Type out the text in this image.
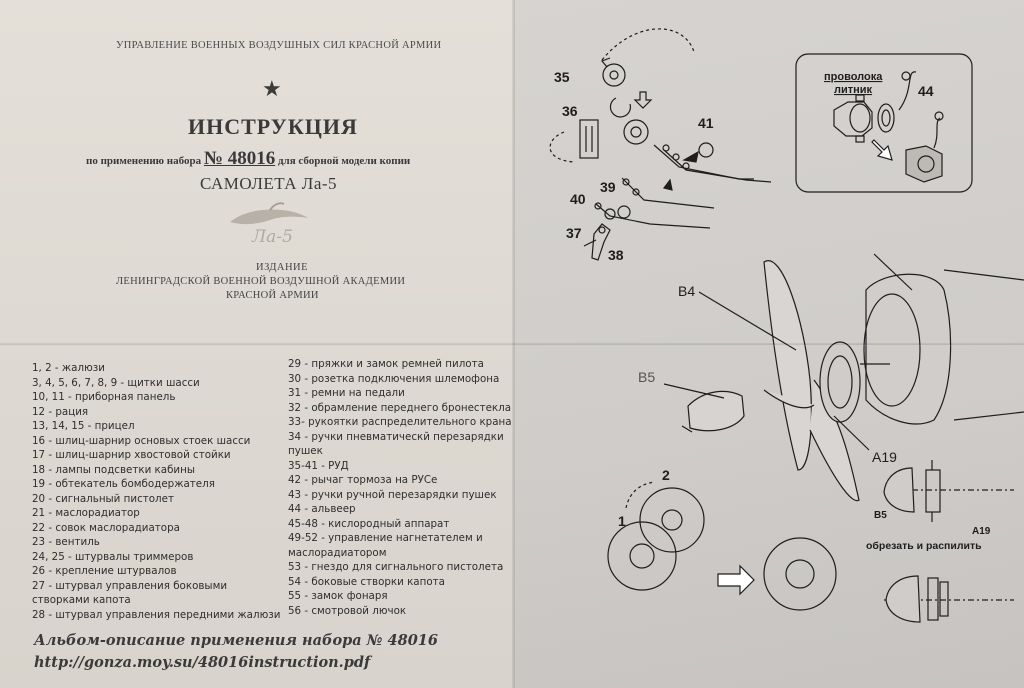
УПРАВЛЕНИЕ ВОЕННЫХ ВОЗДУШНЫХ СИЛ КРАСНОЙ АРМИИ
★
ИНСТРУКЦИЯ
по применению набора № 48016 для сборной модели копии
САМОЛЕТА Ла-5
Ла-5
ИЗДАНИЕ
ЛЕНИНГРАДСКОЙ ВОЕННОЙ ВОЗДУШНОЙ АКАДЕМИИ
КРАСНОЙ АРМИИ
1, 2 - жалюзи
3, 4, 5, 6, 7, 8, 9 - щитки шасси
10, 11 - приборная панель
12 - рация
13, 14, 15 - прицел
16 - шлиц-шарнир основых стоек шасси
17 - шлиц-шарнир хвостовой стойки
18 - лампы подсветки кабины
19 - обтекатель бомбодержателя
20 - сигнальный пистолет
21 - маслорадиатор
22 - совок маслорадиатора
23 - вентиль
24, 25 - штурвалы триммеров
26 - крепление штурвалов
27 - штурвал управления боковыми
створками капота
28 - штурвал управления передними жалюзи
29 - пряжки и замок ремней пилота
30 - розетка подключения шлемофона
31 - ремни на педали
32 - обрамление переднего бронестекла
33- рукоятки распределительного крана
34 - ручки пневматическй перезарядки
пушек
35-41 - РУД
42 - рычаг тормоза на РУСе
43 - ручки ручной перезарядки пушек
44 - альвеер
45-48 - кислородный аппарат
49-52 - управление нагнетателем и
маслорадиатором
53 - гнездо для сигнального пистолета
54 - боковые створки капота
55 - замок фонаря
56 - смотровой лючок
Альбом-описание применения набора № 48016
http://gonza.moy.su/48016instruction.pdf
35
36
41
39
40
37
38
проволока
литник	44
B4
B5
A19
1
2
B5
A19
обрезать и распилить
